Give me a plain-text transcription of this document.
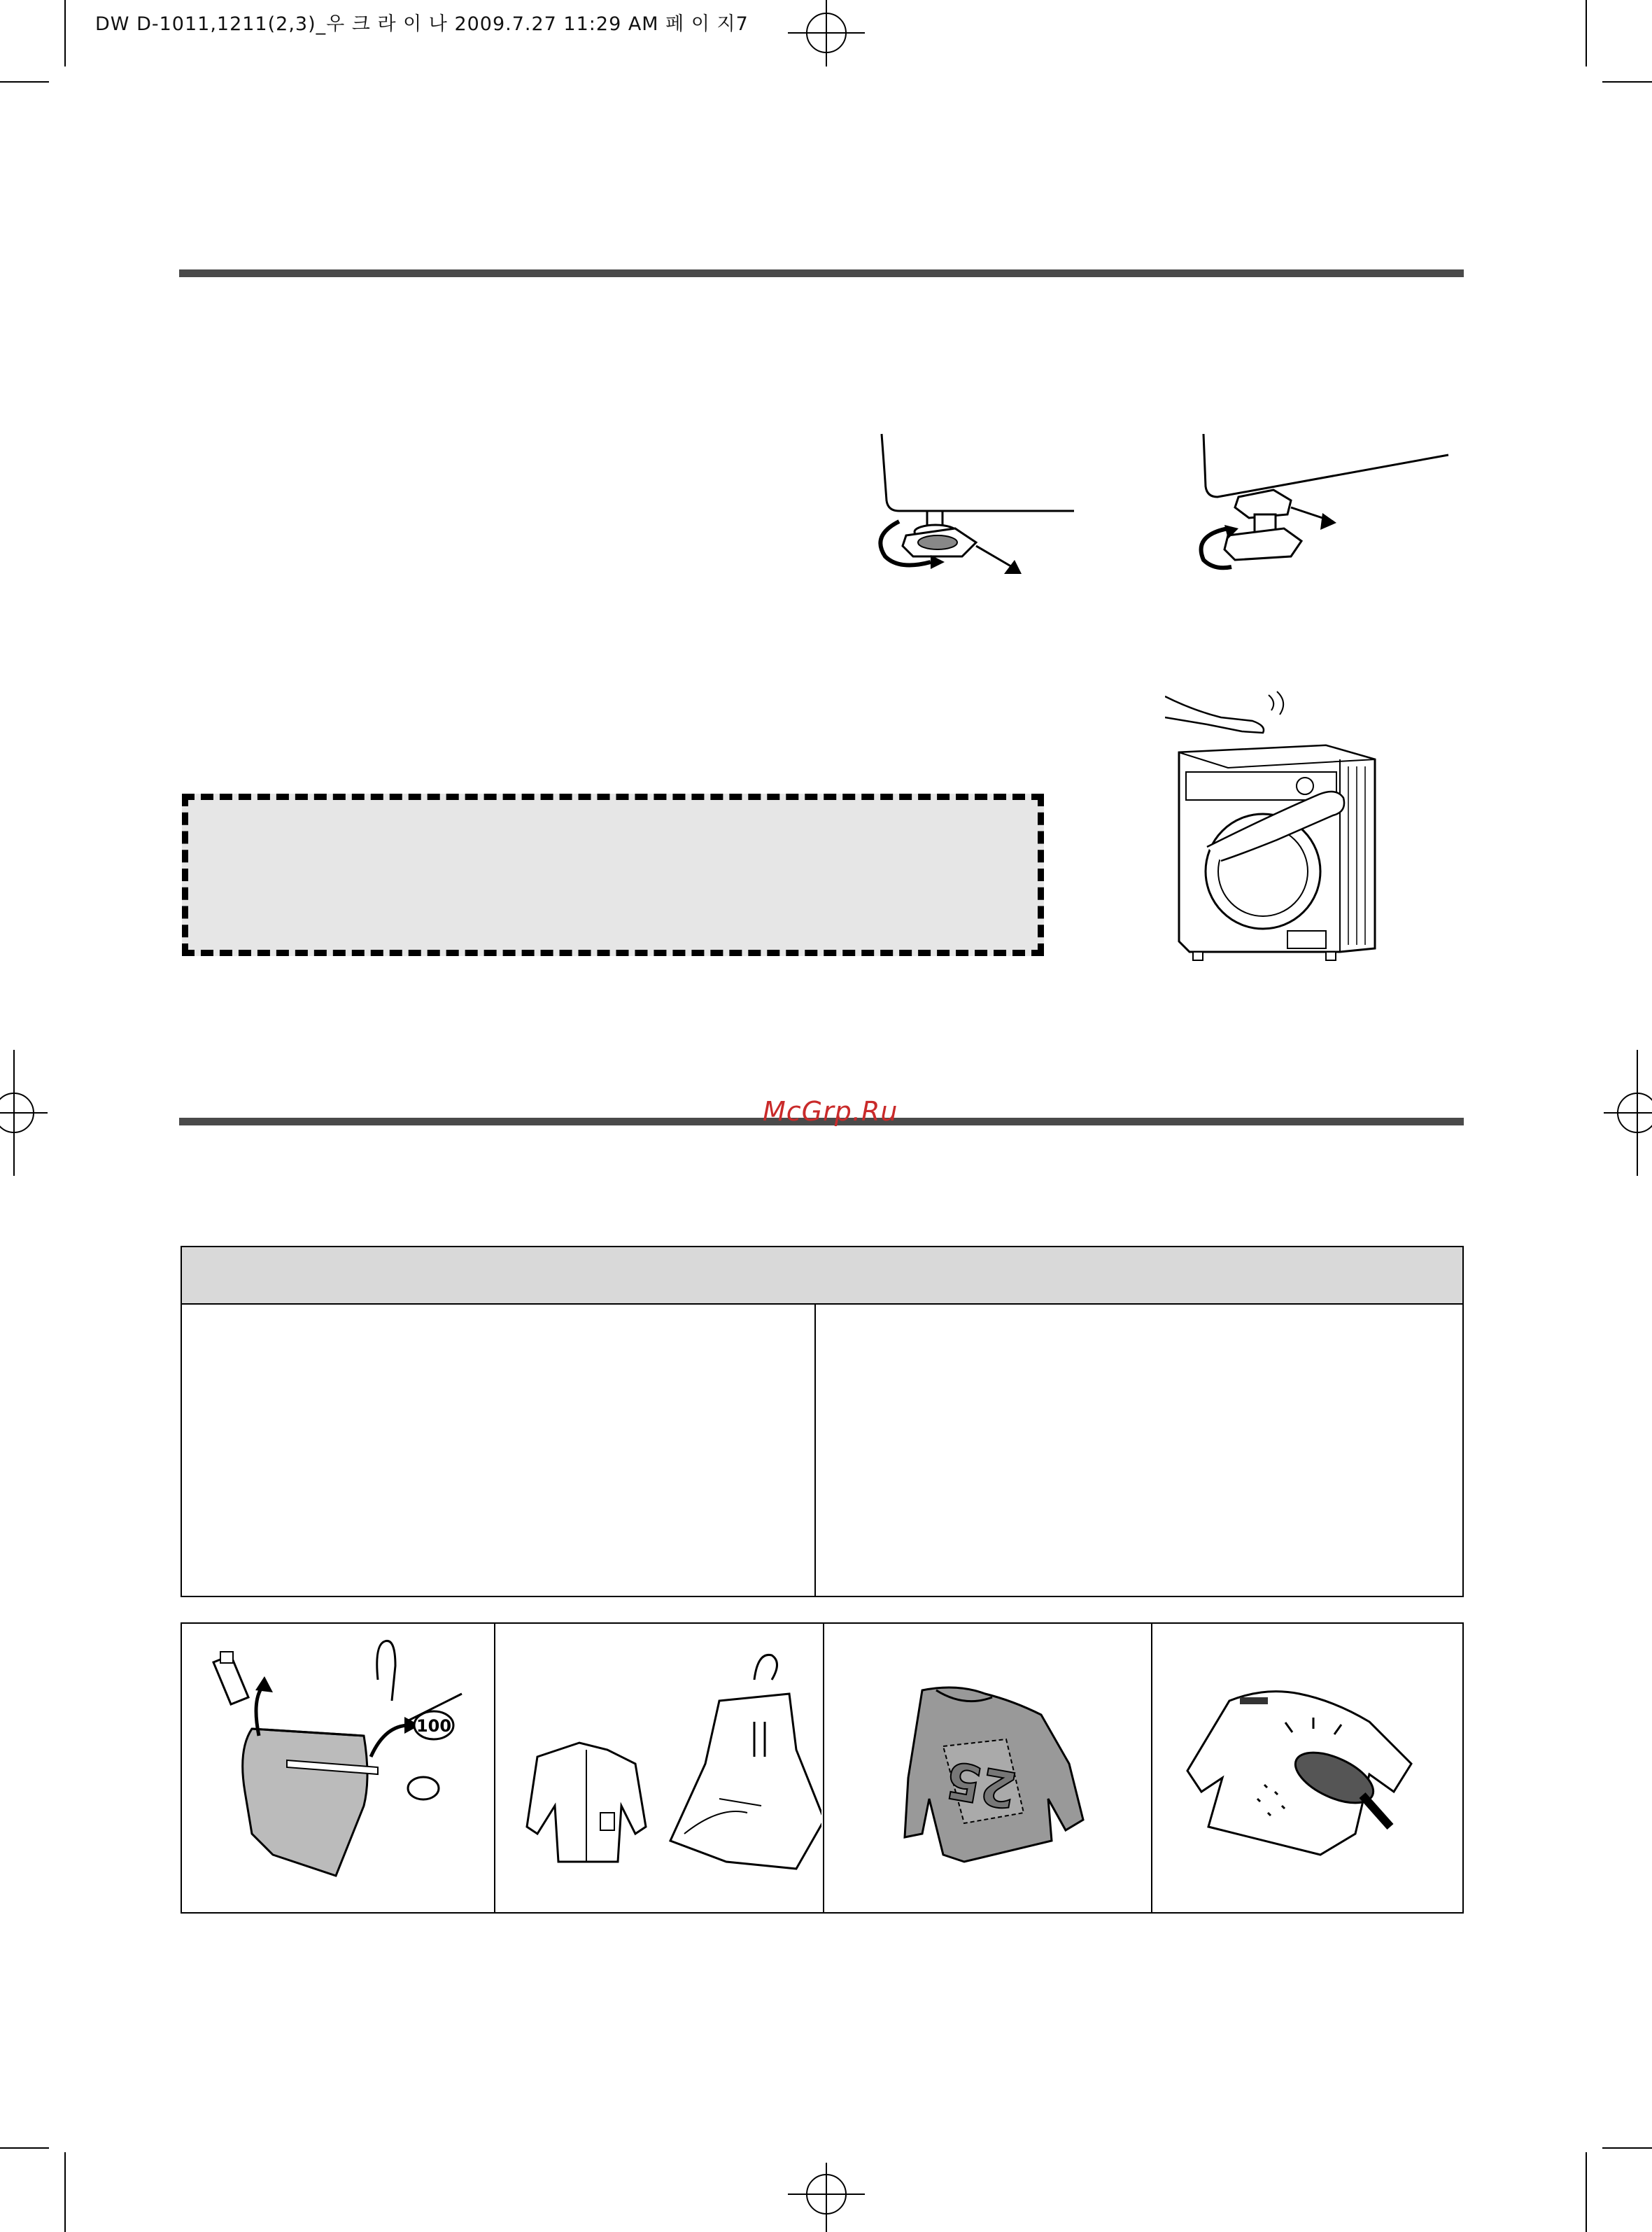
DW D-1011,1211(2,3)_우 크 라 이 나 2009.7.27 11:29 AM 페 이 지7
McGrp.Ru
100
25
